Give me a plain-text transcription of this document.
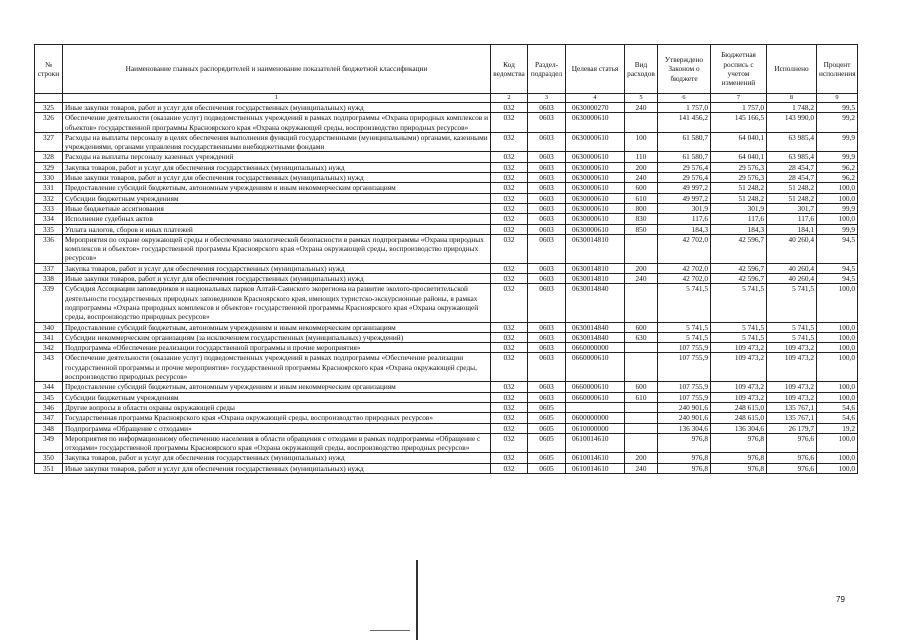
№ строки	Наименование главных распорядителей и наименование показателей бюджетной классификации	Код ведомства	Раздел-подраздел	Целевая статья	Вид расходов	Утверждено Законом о бюджете	Бюджетная роспись с учетом изменений	Исполнено	Процент исполнения
	1	2	3	4	5	6	7	8	9
325	Иные закупки товаров, работ и услуг для обеспечения государственных (муниципальных) нужд	032	0603	0630000270	240	1 757,0	1 757,0	1 748,2	99,5
326	Обеспечение деятельности (оказание услуг) подведомственных учреждений в рамках подпрограммы «Охрана природных комплексов и объектов» государственной программы Красноярского края «Охрана окружающей среды, воспроизводство природных ресурсов»	032	0603	0630000610		141 456,2	145 166,5	143 990,0	99,2
327	Расходы на выплаты персоналу в целях обеспечения выполнения функций государственными (муниципальными) органами, казенными учреждениями, органами управления государственными внебюджетными фондами	032	0603	0630000610	100	61 580,7	64 040,1	63 985,4	99,9
328	Расходы на выплаты персоналу казенных учреждений	032	0603	0630000610	110	61 580,7	64 040,1	63 985,4	99,9
329	Закупка товаров, работ и услуг для обеспечения государственных (муниципальных) нужд	032	0603	0630000610	200	29 576,4	29 576,3	28 454,7	96,2
330	Иные закупки товаров, работ и услуг для обеспечения государственных (муниципальных) нужд	032	0603	0630000610	240	29 576,4	29 576,3	28 454,7	96,2
331	Предоставление субсидий бюджетным, автономным учреждениям и иным некоммерческим организациям	032	0603	0630000610	600	49 997,2	51 248,2	51 248,2	100,0
332	Субсидии бюджетным учреждениям	032	0603	0630000610	610	49 997,2	51 248,2	51 248,2	100,0
333	Иные бюджетные ассигнования	032	0603	0630000610	800	301,9	301,9	301,7	99,9
334	Исполнение судебных актов	032	0603	0630000610	830	117,6	117,6	117,6	100,0
335	Уплата налогов, сборов и иных платежей	032	0603	0630000610	850	184,3	184,3	184,1	99,9
336	Мероприятия по охране окружающей среды и обеспечению экологической безопасности в рамках подпрограммы «Охрана природных комплексов и объектов» государственной программы Красноярского края «Охрана окружающей среды, воспроизводство природных ресурсов»	032	0603	0630014810		42 702,0	42 596,7	40 260,4	94,5
337	Закупка товаров, работ и услуг для обеспечения государственных (муниципальных) нужд	032	0603	0630014810	200	42 702,0	42 596,7	40 260,4	94,5
338	Иные закупки товаров, работ и услуг для обеспечения государственных (муниципальных) нужд	032	0603	0630014810	240	42 702,0	42 596,7	40 260,4	94,5
339	Субсидия Ассоциации заповедников и национальных парков Алтай-Саянского экорегиона на развитие эколого-просветительской деятельности государственных природных заповедников Красноярского края, имеющих туристско-экскурсионные районы, в рамках подпрограммы «Охрана природных комплексов и объектов» государственной программы Красноярского края «Охрана окружающей среды, воспроизводство природных ресурсов»	032	0603	0630014840		5 741,5	5 741,5	5 741,5	100,0
340	Предоставление субсидий бюджетным, автономным учреждениям и иным некоммерческим организациям	032	0603	0630014840	600	5 741,5	5 741,5	5 741,5	100,0
341	Субсидии некоммерческим организациям (за исключением государственных (муниципальных) учреждений)	032	0603	0630014840	630	5 741,5	5 741,5	5 741,5	100,0
342	Подпрограмма «Обеспечение реализации государственной программы и прочие мероприятия»	032	0603	0660000000		107 755,9	109 473,2	109 473,2	100,0
343	Обеспечение деятельности (оказание услуг) подведомственных учреждений в рамках подпрограммы «Обеспечение реализации государственной программы и прочие мероприятия» государственной программы Красноярского края «Охрана окружающей среды, воспроизводство природных ресурсов»	032	0603	0660000610		107 755,9	109 473,2	109 473,2	100,0
344	Предоставление субсидий бюджетным, автономным учреждениям и иным некоммерческим организациям	032	0603	0660000610	600	107 755,9	109 473,2	109 473,2	100,0
345	Субсидии бюджетным учреждениям	032	0603	0660000610	610	107 755,9	109 473,2	109 473,2	100,0
346	Другие вопросы в области охраны окружающей среды	032	0605			240 901,6	248 615,0	135 767,1	54,6
347	Государственная программа Красноярского края «Охрана окружающей среды, воспроизводство природных ресурсов»	032	0605	0600000000		240 901,6	248 615,0	135 767,1	54,6
348	Подпрограмма «Обращение с отходами»	032	0605	0610000000		136 304,6	136 304,6	26 179,7	19,2
349	Мероприятия по информационному обеспечению населения в области обращения с отходами в рамках подпрограммы «Обращение с отходами» государственной программы Красноярского края «Охрана окружающей среды, воспроизводство природных ресурсов»	032	0605	0610014610		976,8	976,8	976,6	100,0
350	Закупка товаров, работ и услуг для обеспечения государственных (муниципальных) нужд	032	0605	0610014610	200	976,8	976,8	976,6	100,0
351	Иные закупки товаров, работ и услуг для обеспечения государственных (муниципальных) нужд	032	0605	0610014610	240	976,8	976,8	976,6	100,0
79
